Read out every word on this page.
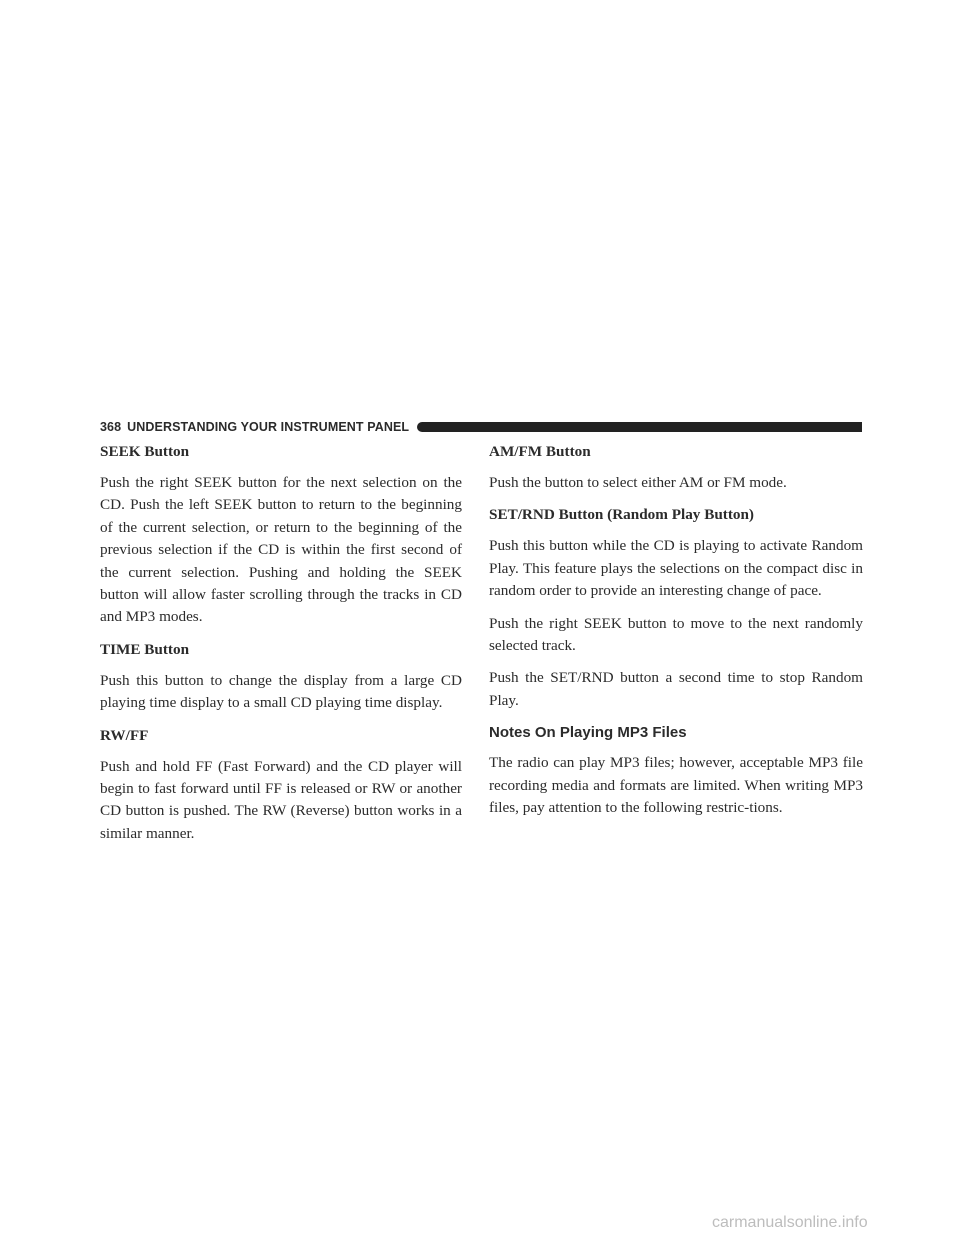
368 UNDERSTANDING YOUR INSTRUMENT PANEL
SEEK Button

Push the right SEEK button for the next selection on the CD. Push the left SEEK button to return to the beginning of the current selection, or return to the beginning of the previous selection if the CD is within the first second of the current selection. Pushing and holding the SEEK button will allow faster scrolling through the tracks in CD and MP3 modes.

TIME Button

Push this button to change the display from a large CD playing time display to a small CD playing time display.

RW/FF

Push and hold FF (Fast Forward) and the CD player will begin to fast forward until FF is released or RW or another CD button is pushed. The RW (Reverse) button works in a similar manner.

AM/FM Button

Push the button to select either AM or FM mode.

SET/RND Button (Random Play Button)

Push this button while the CD is playing to activate Random Play. This feature plays the selections on the compact disc in random order to provide an interesting change of pace.

Push the right SEEK button to move to the next randomly selected track.

Push the SET/RND button a second time to stop Random Play.

Notes On Playing MP3 Files

The radio can play MP3 files; however, acceptable MP3 file recording media and formats are limited. When writing MP3 files, pay attention to the following restric-tions.

carmanualsonline.info
